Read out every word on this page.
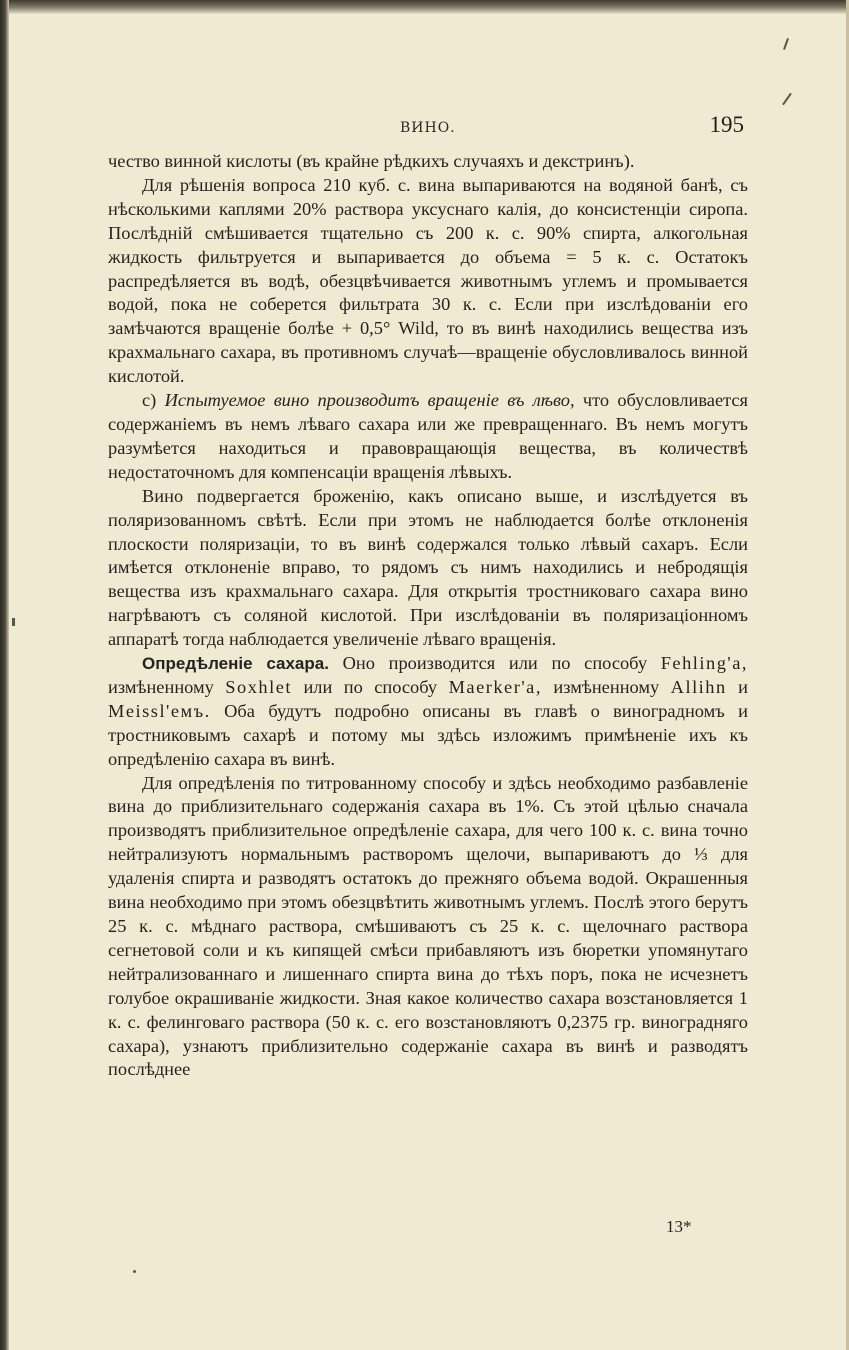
ВИНО.	195

чество винной кислоты (въ крайне рѣдкихъ случаяхъ и декстринъ).

Для рѣшенія вопроса 210 куб. с. вина выпариваются на водяной банѣ, съ нѣсколькими каплями 20% раствора уксуснаго калія, до консистенціи сиропа. Послѣдній смѣшивается тщательно съ 200 к. с. 90% спирта, алкогольная жидкость фильтруется и выпаривается до объема = 5 к. с. Остатокъ распредѣляется въ водѣ, обезцвѣчивается животнымъ углемъ и промывается водой, пока не соберется фильтрата 30 к. с. Если при изслѣдованіи его замѣчаются вращеніе болѣе + 0,5° Wild, то въ винѣ находились вещества изъ крахмальнаго сахара, въ противномъ случаѣ—вращеніе обусловливалось винной кислотой.

c) Испытуемое вино производитъ вращеніе въ лѣво, что обусловливается содержаніемъ въ немъ лѣваго сахара или же превращеннаго. Въ немъ могутъ разумѣется находиться и правовращающія вещества, въ количествѣ недостаточномъ для компенсаціи вращенія лѣвыхъ.

Вино подвергается броженію, какъ описано выше, и изслѣдуется въ поляризованномъ свѣтѣ. Если при этомъ не наблюдается болѣе отклоненія плоскости поляризаціи, то въ винѣ содержался только лѣвый сахаръ. Если имѣется отклоненіе вправо, то рядомъ съ нимъ находились и небродящія вещества изъ крахмальнаго сахара. Для открытія тростниковаго сахара вино нагрѣваютъ съ соляной кислотой. При изслѣдованіи въ поляризаціонномъ аппаратѣ тогда наблюдается увеличеніе лѣваго вращенія.

Опредѣленіе сахара. Оно производится или по способу Fehling'a, измѣненному Soxhlet или по способу Maerker'a, измѣненному Allihn и Meissl'емъ. Оба будутъ подробно описаны въ главѣ о виноградномъ и тростниковымъ сахарѣ и потому мы здѣсь изложимъ примѣненіе ихъ къ опредѣленію сахара въ винѣ.

Для опредѣленія по титрованному способу и здѣсь необходимо разбавленіе вина до приблизительнаго содержанія сахара въ 1%. Съ этой цѣлью сначала производятъ приблизительное опредѣленіе сахара, для чего 100 к. с. вина точно нейтрализуютъ нормальнымъ растворомъ щелочи, выпариваютъ до ⅓ для удаленія спирта и разводятъ остатокъ до прежняго объема водой. Окрашенныя вина необходимо при этомъ обезцвѣтить животнымъ углемъ. Послѣ этого берутъ 25 к. с. мѣднаго раствора, смѣшиваютъ съ 25 к. с. щелочнаго раствора сегнетовой соли и къ кипящей смѣси прибавляютъ изъ бюретки упомянутаго нейтрализованнаго и лишеннаго спирта вина до тѣхъ поръ, пока не исчезнетъ голубое окрашиваніе жидкости. Зная какое количество сахара возстановляется 1 к. с. фелинговаго раствора (50 к. с. его возстановляютъ 0,2375 гр. виноградняго сахара), узнаютъ приблизительно содержаніе сахара въ винѣ и разводятъ послѣднее

13*
